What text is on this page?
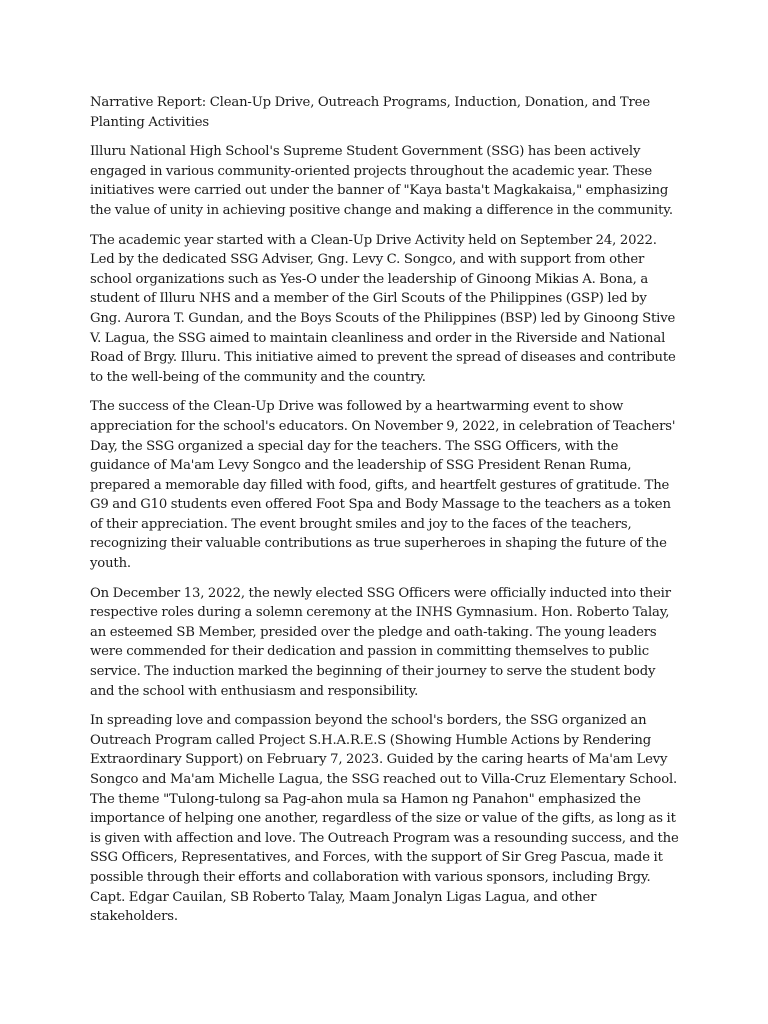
Narrative Report: Clean-Up Drive, Outreach Programs, Induction, Donation, and Tree Planting Activities

Illuru National High School's Supreme Student Government (SSG) has been actively engaged in various community-oriented projects throughout the academic year. These initiatives were carried out under the banner of "Kaya basta't Magkakaisa," emphasizing the value of unity in achieving positive change and making a difference in the community.

The academic year started with a Clean-Up Drive Activity held on September 24, 2022. Led by the dedicated SSG Adviser, Gng. Levy C. Songco, and with support from other school organizations such as Yes-O under the leadership of Ginoong Mikias A. Bona, a student of Illuru NHS and a member of the Girl Scouts of the Philippines (GSP) led by Gng. Aurora T. Gundan, and the Boys Scouts of the Philippines (BSP) led by Ginoong Stive V. Lagua, the SSG aimed to maintain cleanliness and order in the Riverside and National Road of Brgy. Illuru. This initiative aimed to prevent the spread of diseases and contribute to the well-being of the community and the country.

The success of the Clean-Up Drive was followed by a heartwarming event to show appreciation for the school's educators. On November 9, 2022, in celebration of Teachers' Day, the SSG organized a special day for the teachers. The SSG Officers, with the guidance of Ma'am Levy Songco and the leadership of SSG President Renan Ruma, prepared a memorable day filled with food, gifts, and heartfelt gestures of gratitude. The G9 and G10 students even offered Foot Spa and Body Massage to the teachers as a token of their appreciation. The event brought smiles and joy to the faces of the teachers, recognizing their valuable contributions as true superheroes in shaping the future of the youth.

On December 13, 2022, the newly elected SSG Officers were officially inducted into their respective roles during a solemn ceremony at the INHS Gymnasium. Hon. Roberto Talay, an esteemed SB Member, presided over the pledge and oath-taking. The young leaders were commended for their dedication and passion in committing themselves to public service. The induction marked the beginning of their journey to serve the student body and the school with enthusiasm and responsibility.

In spreading love and compassion beyond the school's borders, the SSG organized an Outreach Program called Project S.H.A.R.E.S (Showing Humble Actions by Rendering Extraordinary Support) on February 7, 2023. Guided by the caring hearts of Ma'am Levy Songco and Ma'am Michelle Lagua, the SSG reached out to Villa-Cruz Elementary School. The theme "Tulong-tulong sa Pag-ahon mula sa Hamon ng Panahon" emphasized the importance of helping one another, regardless of the size or value of the gifts, as long as it is given with affection and love. The Outreach Program was a resounding success, and the SSG Officers, Representatives, and Forces, with the support of Sir Greg Pascua, made it possible through their efforts and collaboration with various sponsors, including Brgy. Capt. Edgar Cauilan, SB Roberto Talay, Maam Jonalyn Ligas Lagua, and other stakeholders.
